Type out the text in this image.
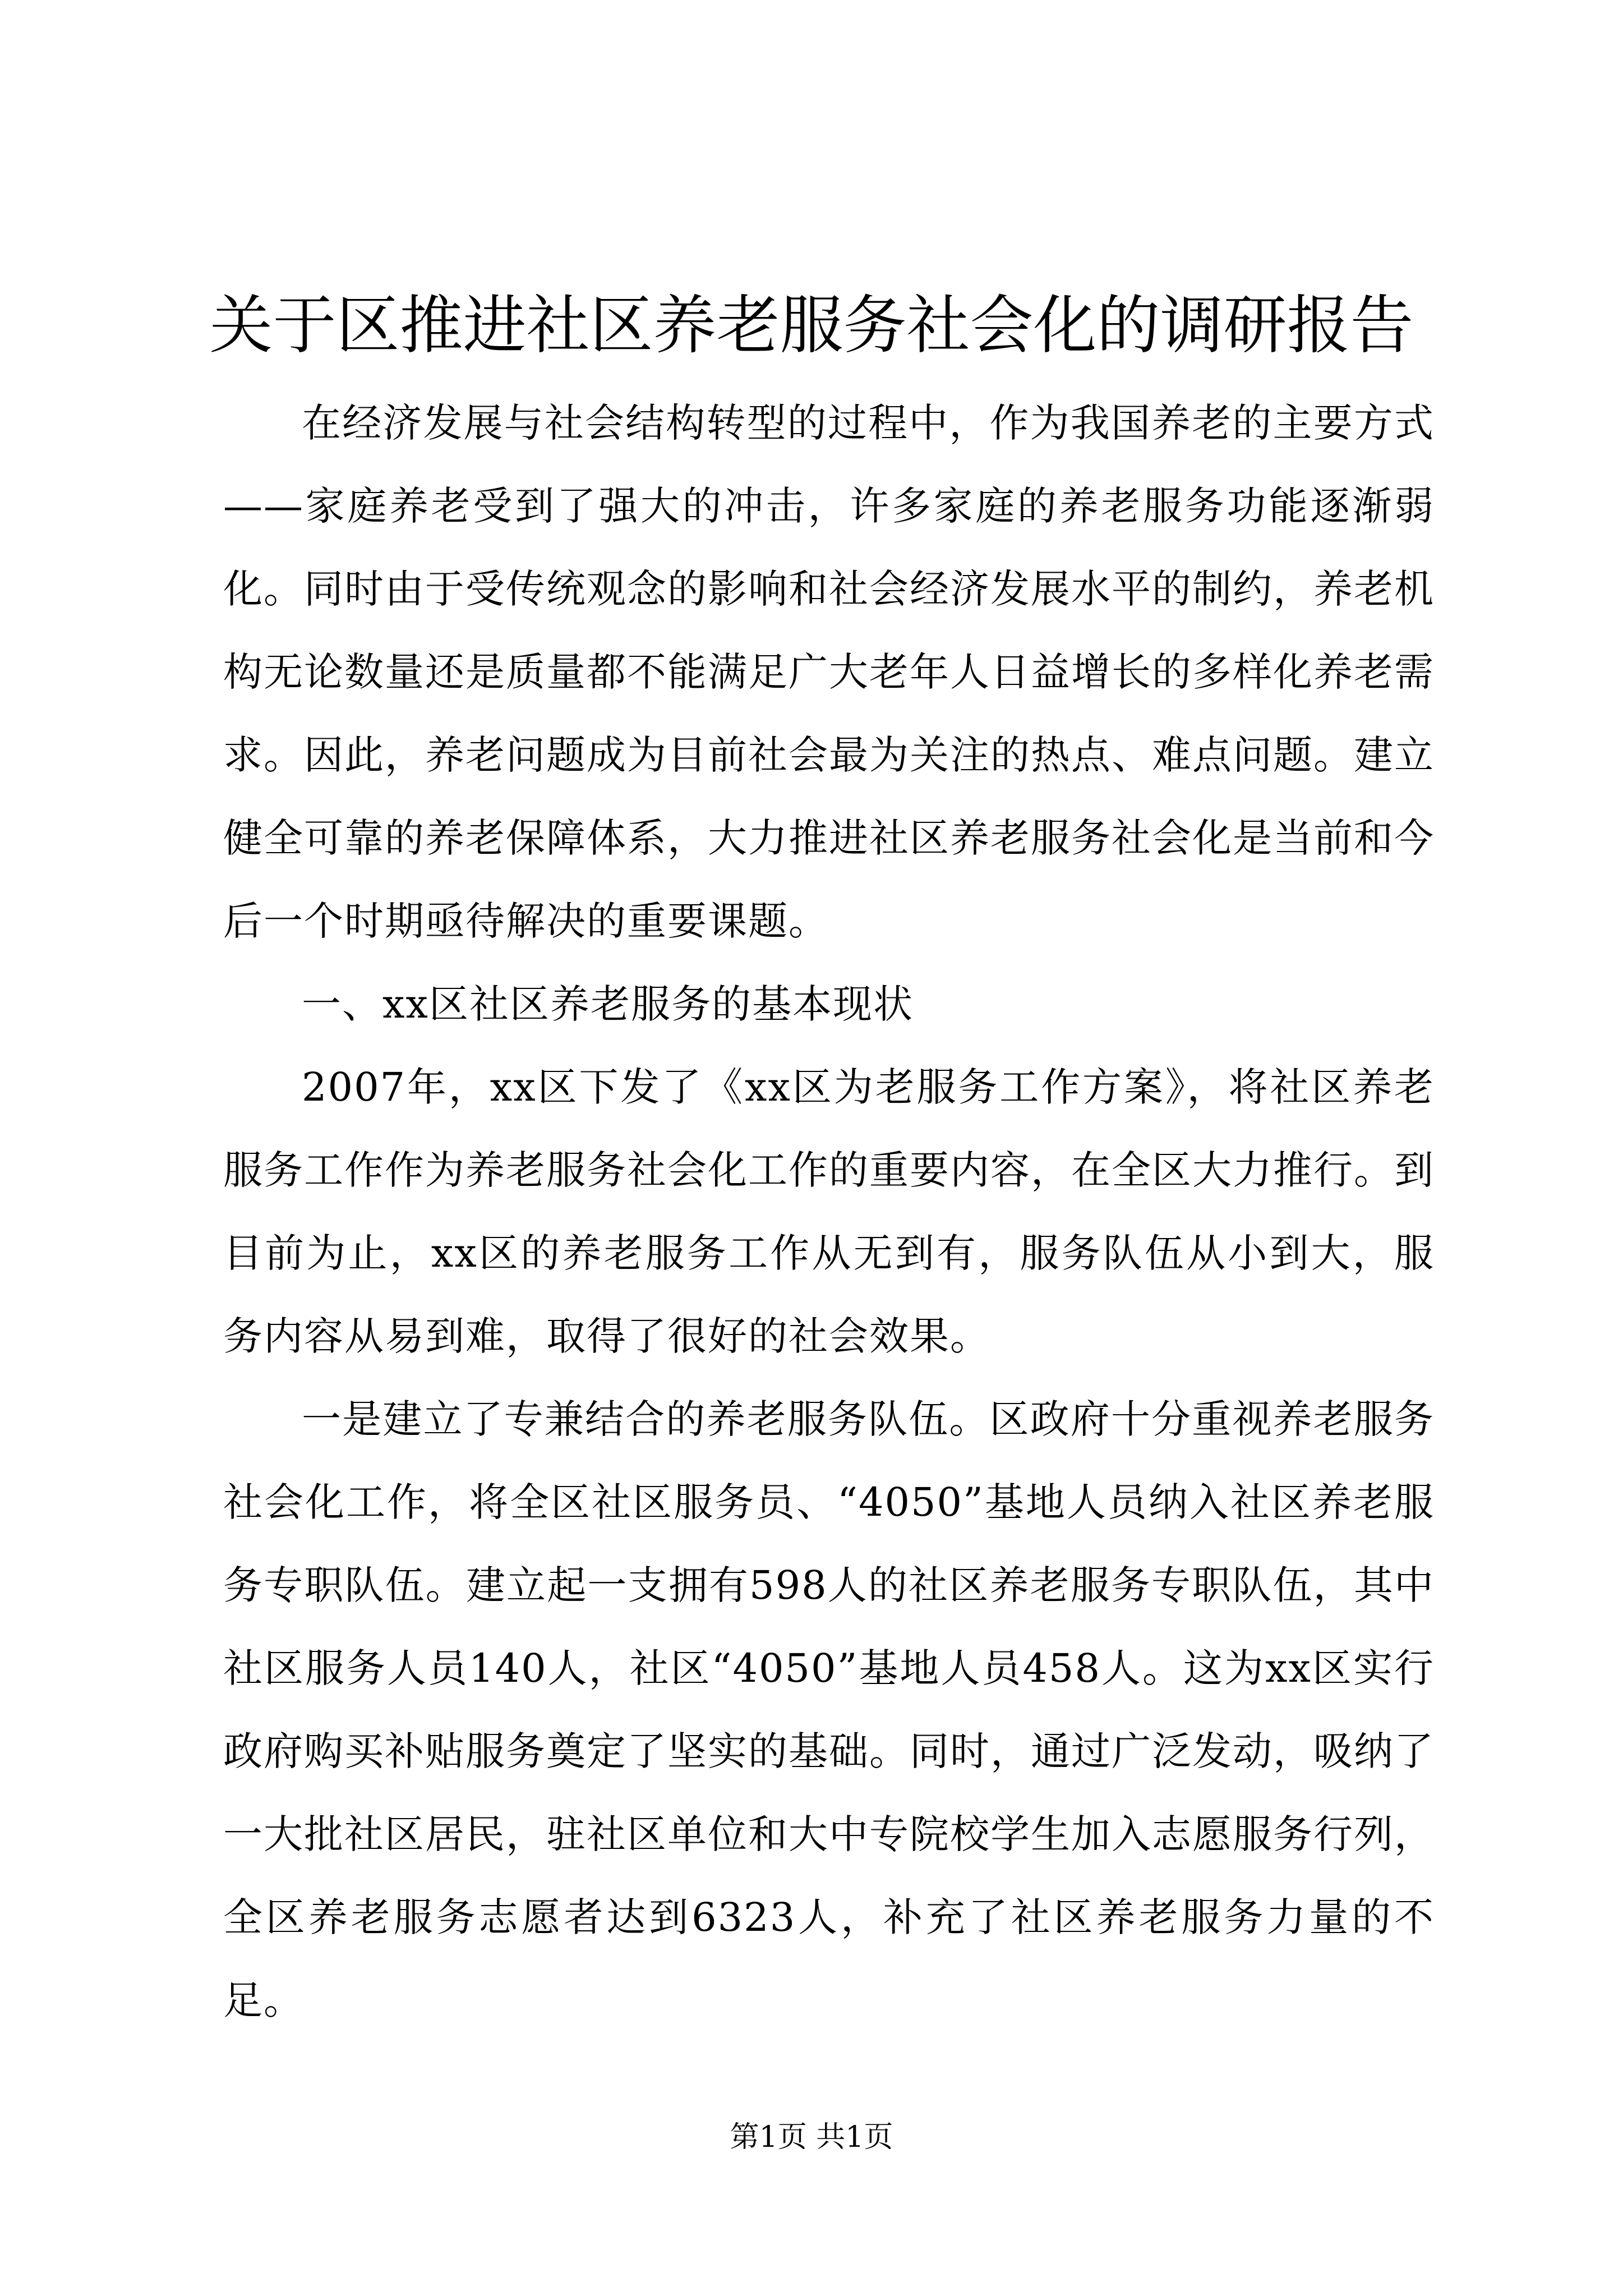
关于区推进社区养老服务社会化的调研报告

在经济发展与社会结构转型的过程中，作为我国养老的主要方式——家庭养老受到了强大的冲击，许多家庭的养老服务功能逐渐弱化。同时由于受传统观念的影响和社会经济发展水平的制约，养老机构无论数量还是质量都不能满足广大老年人日益增长的多样化养老需求。因此，养老问题成为目前社会最为关注的热点、难点问题。建立健全可靠的养老保障体系，大力推进社区养老服务社会化是当前和今后一个时期亟待解决的重要课题。

一、xx区社区养老服务的基本现状

2007年，xx区下发了《xx区为老服务工作方案》，将社区养老服务工作作为养老服务社会化工作的重要内容，在全区大力推行。到目前为止，xx区的养老服务工作从无到有，服务队伍从小到大，服务内容从易到难，取得了很好的社会效果。

一是建立了专兼结合的养老服务队伍。区政府十分重视养老服务社会化工作，将全区社区服务员、“4050”基地人员纳入社区养老服务专职队伍。建立起一支拥有598人的社区养老服务专职队伍，其中社区服务人员140人，社区“4050”基地人员458人。这为xx区实行政府购买补贴服务奠定了坚实的基础。同时，通过广泛发动，吸纳了一大批社区居民，驻社区单位和大中专院校学生加入志愿服务行列，全区养老服务志愿者达到6323人，补充了社区养老服务力量的不足。

第1页 共1页
